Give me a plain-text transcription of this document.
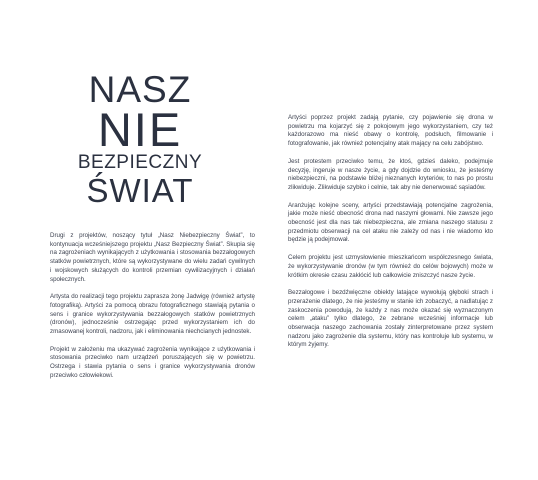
NASZ
NIE
BEZPIECZNY
ŚWIAT

Drugi z projektów, noszący tytuł „Nasz Niebezpieczny Świat”, to kontynuacja wcześniejszego projektu „Nasz Bezpieczny Świat”. Skupia się na zagrożeniach wynikających z użytkowania i stosowania bezzałogowych statków powietrznych, które są wykorzystywane do wielu zadań cywilnych i wojskowych służących do kontroli przemian cywilizacyjnych i działań społecznych.

Artysta do realizacji tego projektu zaprasza żonę Jadwigę (również artystę fotografiką). Artyści za pomocą obrazu fotograficznego stawiają pytania o sens i granice wykorzystywania bezzałogowych statków powietrznych (dronów), jednocześnie ostrzegając przed wykorzystaniem ich do zmasowanej kontroli, nadzoru, jak i eliminowania niechcianych jednostek.

Projekt w założeniu ma ukazywać zagrożenia wynikające z użytkowania i stosowania przeciwko nam urządzeń poruszających się w powietrzu. Ostrzega i stawia pytania o sens i granice wykorzystywania dronów przeciwko człowiekowi.

Artyści poprzez projekt zadają pytanie, czy pojawienie się drona w powietrzu ma kojarzyć się z pokojowym jego wykorzystaniem, czy też każdorazowo ma nieść obawy o kontrolę, podsłuch, filmowanie i fotografowanie, jak również potencjalny atak mający na celu zabójstwo.

Jest protestem przeciwko temu, że ktoś, gdzieś daleko, podejmuje decyzję, ingeruje w nasze życie, a gdy dojdzie do wniosku, że jesteśmy niebezpieczni, na podstawie bliżej nieznanych kryteriów, to nas po prostu zlikwiduje. Zlikwiduje szybko i celnie, tak aby nie denerwować sąsiadów.

Aranżując kolejne sceny, artyści przedstawiają potencjalne zagrożenia, jakie może nieść obecność drona nad naszymi głowami. Nie zawsze jego obecność jest dla nas tak niebezpieczna, ale zmiana naszego statusu z przedmiotu obserwacji na cel ataku nie zależy od nas i nie wiadomo kto będzie ją podejmował.

Celem projektu jest uzmysłowienie mieszkańcom współczesnego świata, że wykorzystywanie dronów (w tym również do celów bojowych) może w krótkim okresie czasu zakłócić lub całkowicie zniszczyć nasze życie.

Bezzałogowe i bezdźwięczne obiekty latające wywołują głęboki strach i przerażenie dlatego, że nie jesteśmy w stanie ich zobaczyć, a nadlatując z zaskoczenia powodują, że każdy z nas może okazać się wyznaczonym celem „ataku” tylko dlatego, że zebrane wcześniej informacje lub obserwacja naszego zachowania zostały zinterpretowane przez system nadzoru jako zagrożenie dla systemu, który nas kontroluje lub systemu, w którym żyjemy.
